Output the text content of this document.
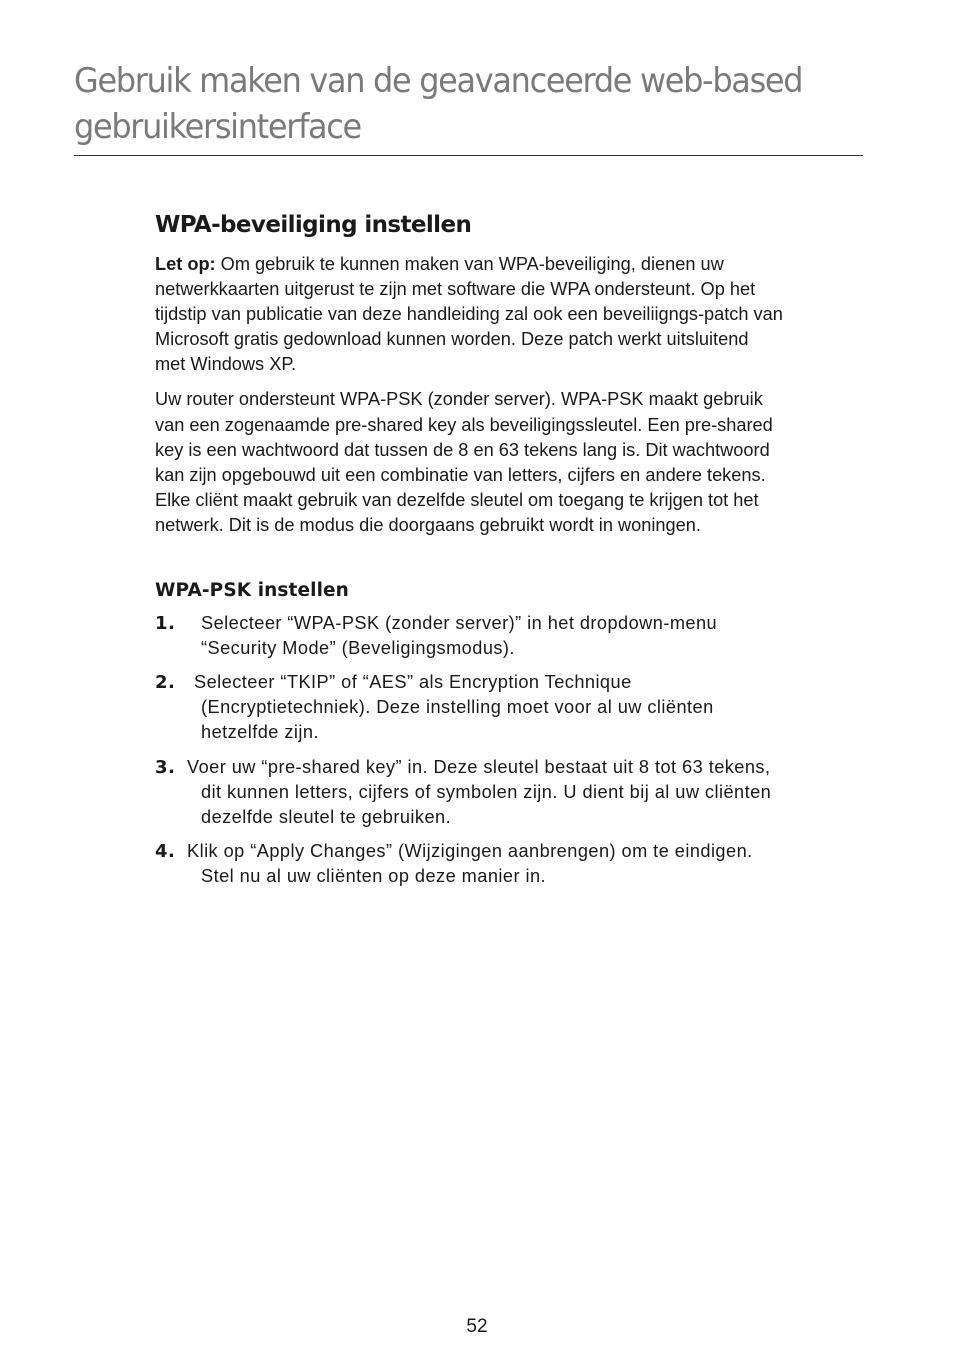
Gebruik maken van de geavanceerde web-based
gebruikersinterface
WPA-beveiliging instellen

Let op: Om gebruik te kunnen maken van WPA-beveiliging, dienen uw
netwerkkaarten uitgerust te zijn met software die WPA ondersteunt. Op het
tijdstip van publicatie van deze handleiding zal ook een beveiliigngs-patch van
Microsoft gratis gedownload kunnen worden. Deze patch werkt uitsluitend
met Windows XP.

Uw router ondersteunt WPA-PSK (zonder server). WPA-PSK maakt gebruik
van een zogenaamde pre-shared key als beveiligingssleutel. Een pre-shared
key is een wachtwoord dat tussen de 8 en 63 tekens lang is. Dit wachtwoord
kan zijn opgebouwd uit een combinatie van letters, cijfers en andere tekens.
Elke cliënt maakt gebruik van dezelfde sleutel om toegang te krijgen tot het
netwerk. Dit is de modus die doorgaans gebruikt wordt in woningen.

WPA-PSK instellen
1.	Selecteer “WPA-PSK (zonder server)” in het dropdown-menu
“Security Mode” (Beveligingsmodus).
2.	Selecteer “TKIP” of “AES” als Encryption Technique
(Encryptietechniek). Deze instelling moet voor al uw cliënten
hetzelfde zijn.
3. Voer uw “pre-shared key” in. Deze sleutel bestaat uit 8 tot 63 tekens,
dit kunnen letters, cijfers of symbolen zijn. U dient bij al uw cliënten
dezelfde sleutel te gebruiken.
4. Klik op “Apply Changes” (Wijzigingen aanbrengen) om te eindigen.
Stel nu al uw cliënten op deze manier in.
52
